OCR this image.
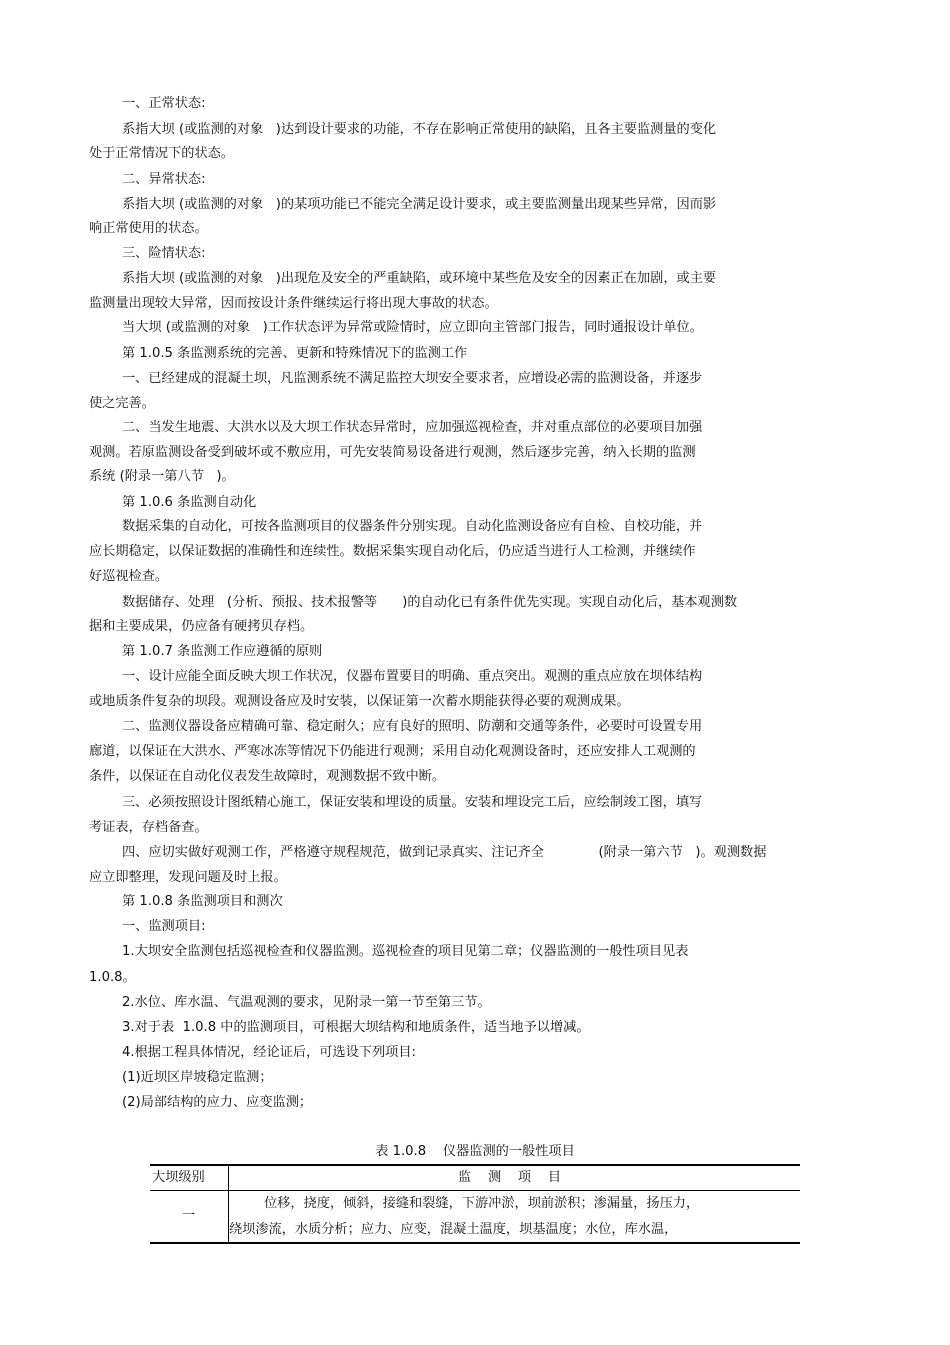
一、正常状态:
系指大坝 (或监测的对象   )达到设计要求的功能，不存在影响正常使用的缺陷，且各主要监测量的变化
处于正常情况下的状态。
二、异常状态:
系指大坝 (或监测的对象   )的某项功能已不能完全满足设计要求，或主要监测量出现某些异常，因而影
响正常使用的状态。
三、险情状态:
系指大坝 (或监测的对象   )出现危及安全的严重缺陷，或环境中某些危及安全的因素正在加剧，或主要
监测量出现较大异常，因而按设计条件继续运行将出现大事故的状态。
当大坝 (或监测的对象   )工作状态评为异常或险情时，应立即向主管部门报告，同时通报设计单位。
第 1.0.5 条监测系统的完善、更新和特殊情况下的监测工作
一、已经建成的混凝土坝，凡监测系统不满足监控大坝安全要求者，应增设必需的监测设备，并逐步
使之完善。
二、当发生地震、大洪水以及大坝工作状态异常时，应加强巡视检查，并对重点部位的必要项目加强
观测。若原监测设备受到破坏或不敷应用，可先安装简易设备进行观测，然后逐步完善，纳入长期的监测
系统 (附录一第八节   )。
第 1.0.6 条监测自动化
数据采集的自动化，可按各监测项目的仪器条件分别实现。自动化监测设备应有自检、自校功能，并
应长期稳定，以保证数据的准确性和连续性。数据采集实现自动化后，仍应适当进行人工检测，并继续作
好巡视检查。
数据储存、处理   (分析、预报、技术报警等      )的自动化已有条件优先实现。实现自动化后，基本观测数
据和主要成果，仍应备有硬拷贝存档。
第 1.0.7 条监测工作应遵循的原则
一、设计应能全面反映大坝工作状况，仪器布置要目的明确、重点突出。观测的重点应放在坝体结构
或地质条件复杂的坝段。观测设备应及时安装，以保证第一次蓄水期能获得必要的观测成果。
二、监测仪器设备应精确可靠、稳定耐久；应有良好的照明、防潮和交通等条件，必要时可设置专用
廊道，以保证在大洪水、严寒冰冻等情况下仍能进行观测；采用自动化观测设备时，还应安排人工观测的
条件，以保证在自动化仪表发生故障时，观测数据不致中断。
三、必须按照设计图纸精心施工，保证安装和埋设的质量。安装和埋设完工后，应绘制竣工图，填写
考证表，存档备查。
四、应切实做好观测工作，严格遵守规程规范，做到记录真实、注记齐全             (附录一第六节   )。观测数据
应立即整理，发现问题及时上报。
第 1.0.8 条监测项目和测次
一、监测项目:
1.大坝安全监测包括巡视检查和仪器监测。巡视检查的项目见第二章；仪器监测的一般性项目见表
1.0.8。
2.水位、库水温、气温观测的要求，见附录一第一节至第三节。
3.对于表  1.0.8 中的监测项目，可根据大坝结构和地质条件，适当地予以增减。
4.根据工程具体情况，经论证后，可选设下列项目:
(1)近坝区岸坡稳定监测；
(2)局部结构的应力、应变监测；
表 1.0.8    仪器监测的一般性项目
大坝级别	监    测    项    目
一
位移，挠度，倾斜，接缝和裂缝，下游冲淤，坝前淤积；渗漏量，扬压力，
绕坝渗流，水质分析；应力、应变，混凝土温度，坝基温度；水位，库水温，
